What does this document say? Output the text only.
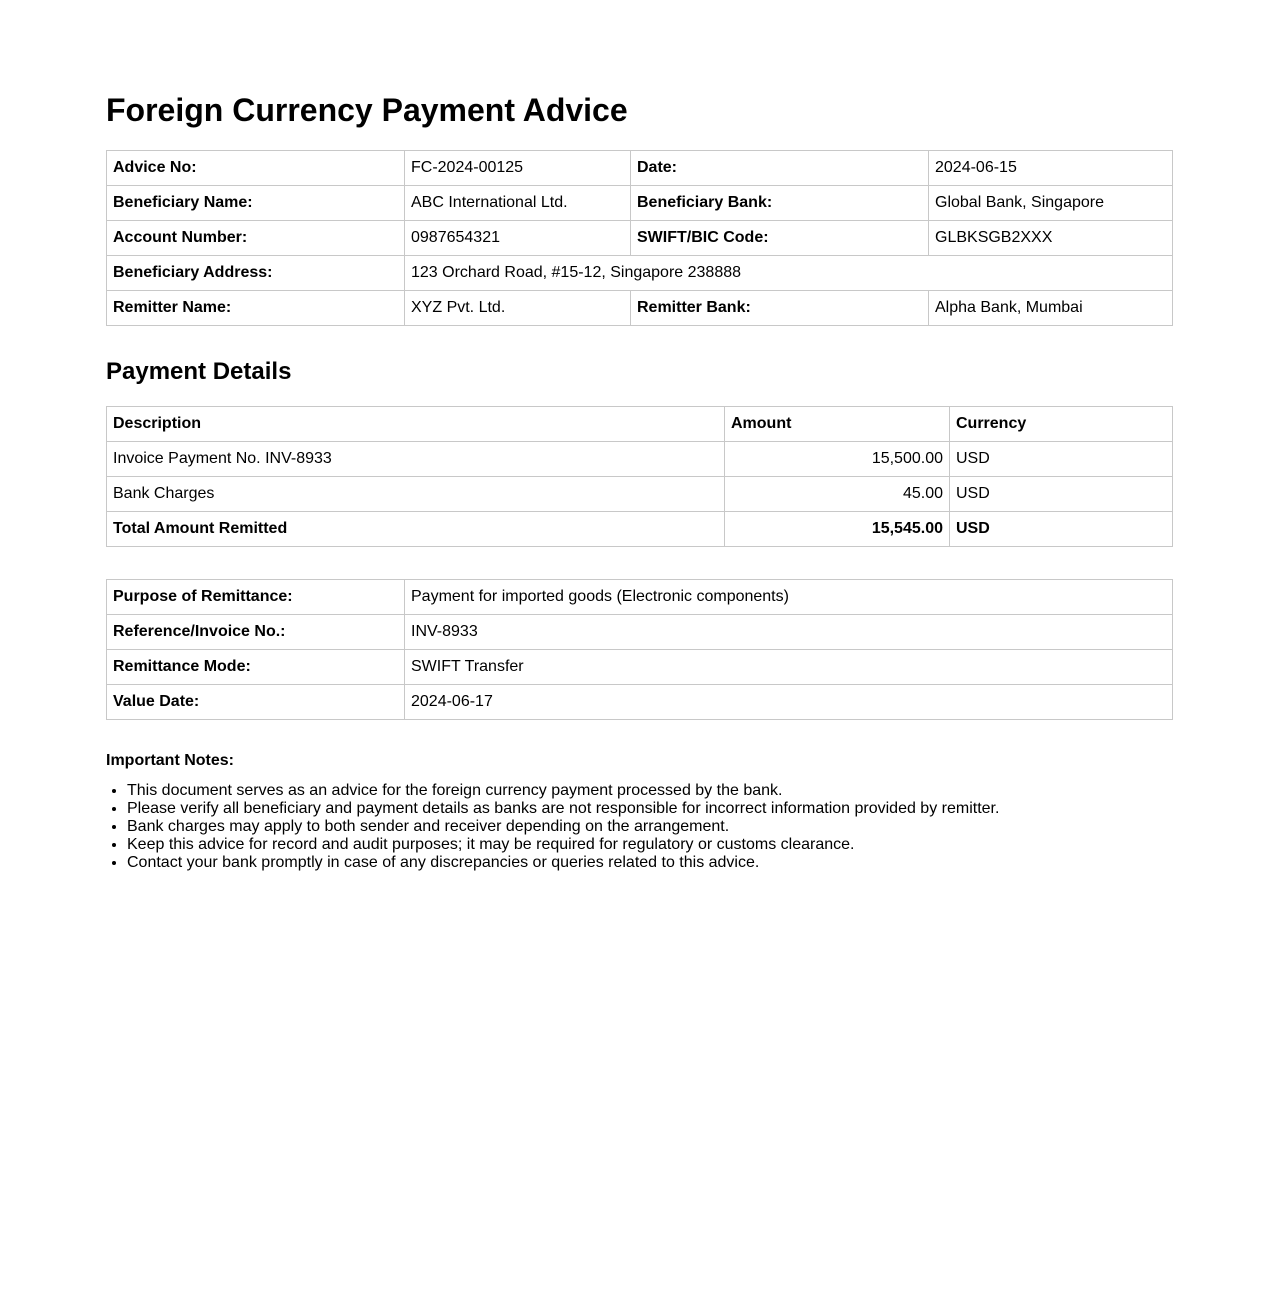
Foreign Currency Payment Advice
Advice No:	FC-2024-00125	Date:	2024-06-15
Beneficiary Name:	ABC International Ltd.	Beneficiary Bank:	Global Bank, Singapore
Account Number:	0987654321	SWIFT/BIC Code:	GLBKSGB2XXX
Beneficiary Address:	123 Orchard Road, #15-12, Singapore 238888		
Remitter Name:	XYZ Pvt. Ltd.	Remitter Bank:	Alpha Bank, Mumbai
Payment Details
Description	Amount	Currency
Invoice Payment No. INV-8933	15,500.00	USD
Bank Charges	45.00	USD
Total Amount Remitted	15,545.00	USD
Purpose of Remittance:	Payment for imported goods (Electronic components)
Reference/Invoice No.:	INV-8933
Remittance Mode:	SWIFT Transfer
Value Date:	2024-06-17
Important Notes:
• This document serves as an advice for the foreign currency payment processed by the bank.
• Please verify all beneficiary and payment details as banks are not responsible for incorrect information provided by remitter.
• Bank charges may apply to both sender and receiver depending on the arrangement.
• Keep this advice for record and audit purposes; it may be required for regulatory or customs clearance.
• Contact your bank promptly in case of any discrepancies or queries related to this advice.
